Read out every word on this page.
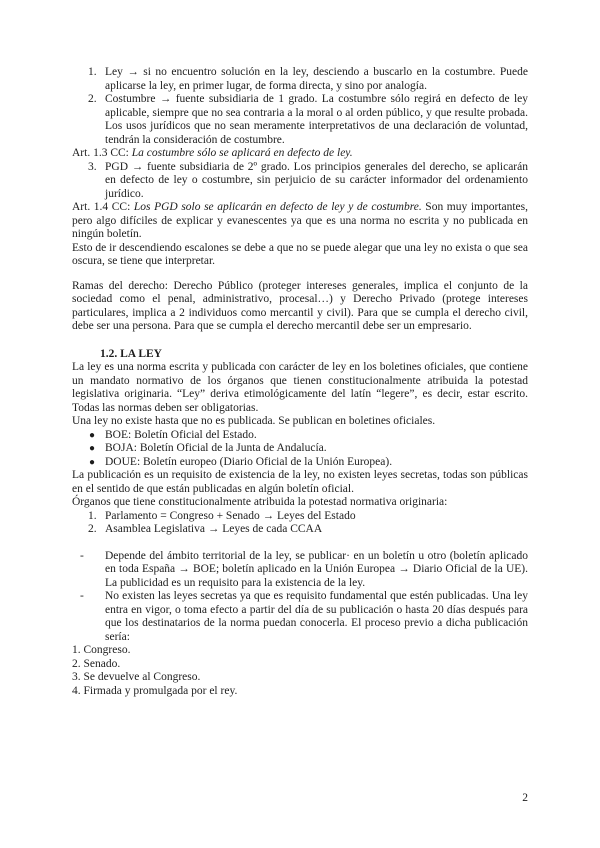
1. Ley → si no encuentro solución en la ley, desciendo a buscarlo en la costumbre. Puede aplicarse la ley, en primer lugar, de forma directa, y sino por analogía.
2. Costumbre → fuente subsidiaria de 1 grado. La costumbre sólo regirá en defecto de ley aplicable, siempre que no sea contraria a la moral o al orden público, y que resulte probada. Los usos jurídicos que no sean meramente interpretativos de una declaración de voluntad, tendrán la consideración de costumbre.

Art. 1.3 CC: La costumbre sólo se aplicará en defecto de ley.

3. PGD → fuente subsidiaria de 2º grado. Los principios generales del derecho, se aplicarán en defecto de ley o costumbre, sin perjuicio de su carácter informador del ordenamiento jurídico.

Art. 1.4 CC: Los PGD solo se aplicarán en defecto de ley y de costumbre. Son muy importantes, pero algo difíciles de explicar y evanescentes ya que es una norma no escrita y no publicada en ningún boletín.

Esto de ir descendiendo escalones se debe a que no se puede alegar que una ley no exista o que sea oscura, se tiene que interpretar.

Ramas del derecho: Derecho Público (proteger intereses generales, implica el conjunto de la sociedad como el penal, administrativo, procesal…) y Derecho Privado (protege intereses particulares, implica a 2 individuos como mercantil y civil). Para que se cumpla el derecho civil, debe ser una persona. Para que se cumpla el derecho mercantil debe ser un empresario.

1.2. LA LEY

La ley es una norma escrita y publicada con carácter de ley en los boletines oficiales, que contiene un mandato normativo de los órganos que tienen constitucionalmente atribuida la potestad legislativa originaria. “Ley” deriva etimológicamente del latín “legere”, es decir, estar escrito. Todas las normas deben ser obligatorias.

Una ley no existe hasta que no es publicada. Se publican en boletines oficiales.

● BOE: Boletín Oficial del Estado.
● BOJA: Boletín Oficial de la Junta de Andalucía.
● DOUE: Boletín europeo (Diario Oficial de la Unión Europea).

La publicación es un requisito de existencia de la ley, no existen leyes secretas, todas son públicas en el sentido de que están publicadas en algún boletín oficial.

Órganos que tiene constitucionalmente atribuida la potestad normativa originaria:

1. Parlamento = Congreso + Senado → Leyes del Estado
2. Asamblea Legislativa → Leyes de cada CCAA
- Depende del ámbito territorial de la ley, se publicar· en un boletín u otro (boletín aplicado en toda España → BOE; boletín aplicado en la Unión Europea → Diario Oficial de la UE). La publicidad es un requisito para la existencia de la ley.
- No existen las leyes secretas ya que es requisito fundamental que estén publicadas. Una ley entra en vigor, o toma efecto a partir del día de su publicación o hasta 20 días después para que los destinatarios de la norma puedan conocerla. El proceso previo a dicha publicación sería:

1. Congreso.

2. Senado.

3. Se devuelve al Congreso.

4. Firmada y promulgada por el rey.

2
